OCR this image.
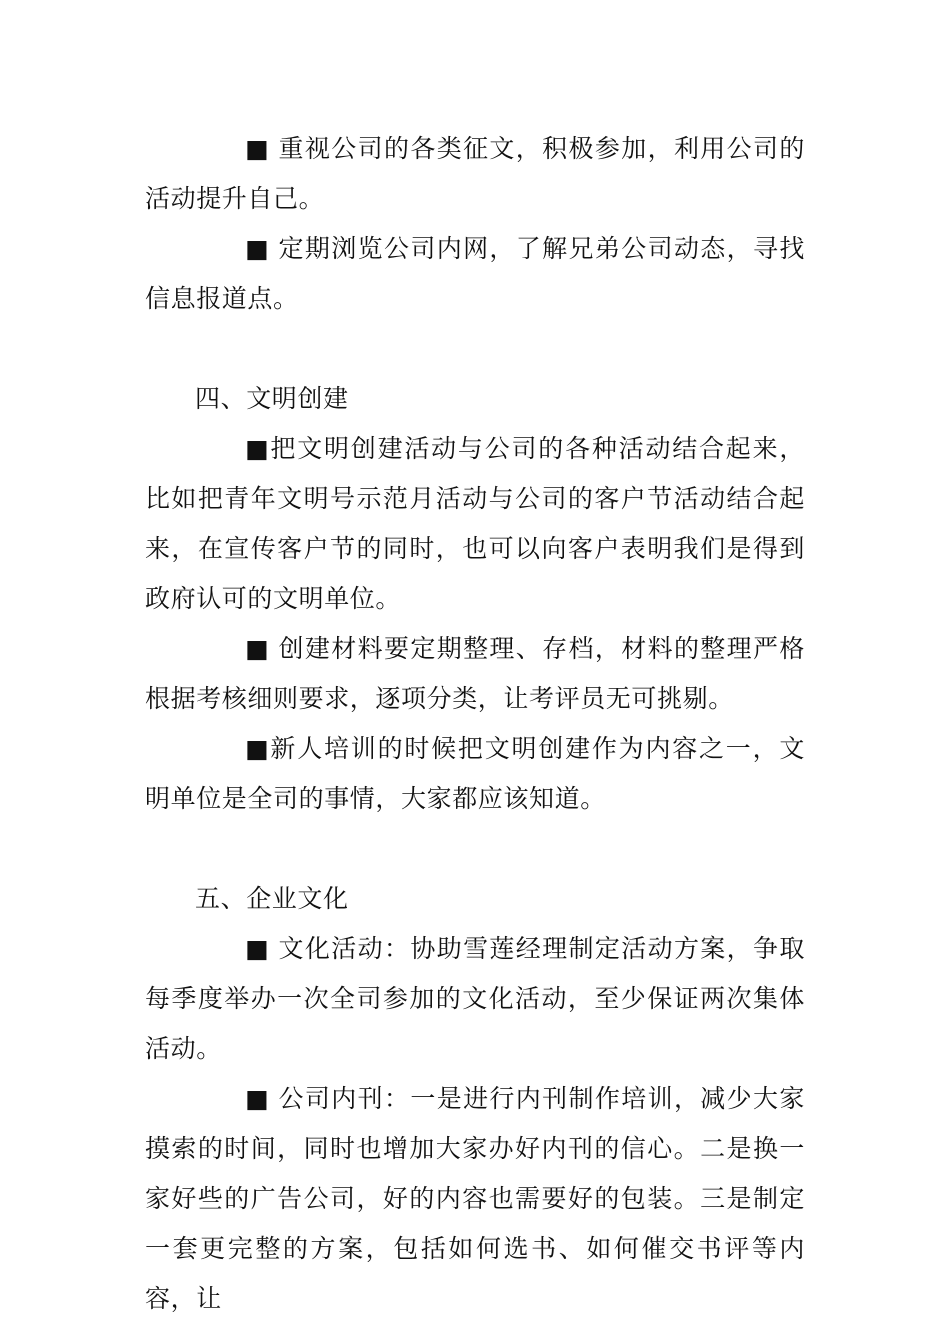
■ 重视公司的各类征文，积极参加，利用公司的活动提升自己。

■ 定期浏览公司内网，了解兄弟公司动态，寻找信息报道点。

四、文明创建

■把文明创建活动与公司的各种活动结合起来，比如把青年文明号示范月活动与公司的客户节活动结合起来，在宣传客户节的同时，也可以向客户表明我们是得到政府认可的文明单位。

■ 创建材料要定期整理、存档，材料的整理严格根据考核细则要求，逐项分类，让考评员无可挑剔。

■新人培训的时候把文明创建作为内容之一，文明单位是全司的事情，大家都应该知道。

五、企业文化

■ 文化活动：协助雪莲经理制定活动方案，争取每季度举办一次全司参加的文化活动，至少保证两次集体活动。

■ 公司内刊：一是进行内刊制作培训，减少大家摸索的时间，同时也增加大家办好内刊的信心。二是换一家好些的广告公司，好的内容也需要好的包装。三是制定一套更完整的方案，包括如何选书、如何催交书评等内容，让
